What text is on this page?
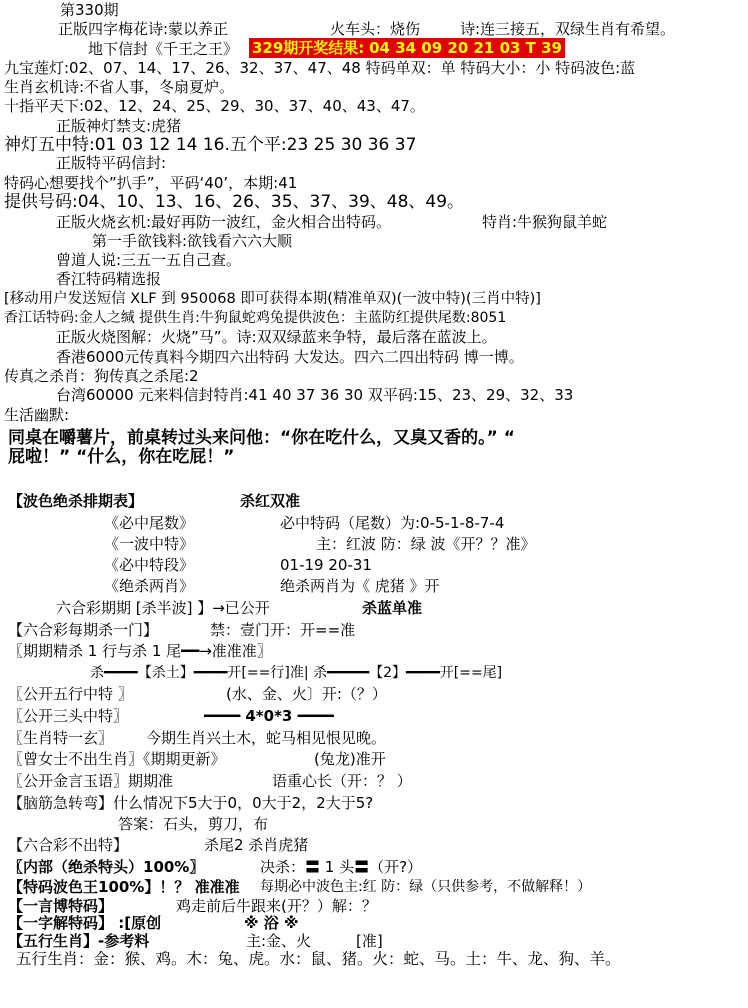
第330期
正版四字梅花诗:蒙以养正	火车头：烧伤	诗:连三接五，双绿生肖有希望。
地下信封《千王之王》 329期开奖结果: 04 34 09 20 21 03 T 39
九宝莲灯:02、07、14、17、26、32、37、47、48 特码单双：单 特码大小：小 特码波色:蓝
生肖玄机诗:不省人事，冬扇夏炉。
十指平天下:02、12、24、25、29、30、37、40、43、47。
正版神灯禁支:虎猪
神灯五中特:01 03 12 14 16.五个平:23 25 30 36 37
正版特平码信封:
特码心想要找个”扒手”，平码‘40’，本期:41
提供号码:04、10、13、16、26、35、37、39、48、49。
正版火烧玄机:最好再防一波红，金火相合出特码。	特肖:牛猴狗鼠羊蛇
第一手欲钱料:欲钱看六六大顺
曾道人说:三五一五自己查。
香江特码精选报
[移动用户发送短信 XLF 到 950068 即可获得本期(精准单双)(一波中特)(三肖中特)]
香江话特码:金人之缄 提供生肖:牛狗鼠蛇鸡兔提供波色：主蓝防红提供尾数:8051
正版火烧图解：火烧”马”。诗:双双绿蓝来争特，最后落在蓝波上。
香港6000元传真料今期四六出特码 大发达。四六二四出特码 博一博。
传真之杀肖：狗传真之杀尾:2
台湾60000 元来料信封特肖:41 40 37 36 30 双平码:15、23、29、32、33
生活幽默:
同桌在嚼薯片，前桌转过头来问他：“你在吃什么，又臭又香的。” “
屁啦！” “什么，你在吃屁！”
【波色绝杀排期表】	杀红双准
《必中尾数》	必中特码（尾数）为:0-5-1-8-7-4
《一波中特》	主：红波 防：绿 波《开？？准》
《必中特段》	01-19 20-31
《绝杀两肖》	绝杀两肖为《 虎猪 》开
六合彩期期 [杀半波] 】→已公开	杀蓝单准
【六合彩每期杀一门】	禁：壹门开：开==准
〖期期精杀 1 行与杀 1 尾━━→准准准〗
杀━━━━【杀土】━━━━开[==行]准| 杀━━━━━【2】━━━━开[==尾]
〖公开五行中特 〗	(水、金、火〕开:（？）
〖公开三头中特〗	━━━━ 4*0*3 ━━━━
〖生肖特一玄〗 今期生肖兴土木，蛇马相见恨见晚。
〖曾女士不出生肖〗《期期更新》	(兔龙)准开
〖公开金言玉语〗期期准	语重心长（开：？ ）
【脑筋急转弯】什么情况下5大于0，0大于2，2大于5?
答案：石头，剪刀，布
【六合彩不出特】	杀尾2 杀肖虎猪
〖内部（绝杀特头）100%〗	决杀：〓 1 头〓（开?）
【特码波色王100%】！？ 准准准 每期必中波色主:红 防：绿（只供参考，不做解释！）
【一言博特码】	鸡走前后牛跟来(开？）解：？
【一字解特码】 :[原创	※ 浴 ※
【五行生肖】-参考料	主:金、火	[准]
五行生肖：金：猴、鸡。木：兔、虎。水：鼠、猪。火：蛇、马。土：牛、龙、狗、羊。
